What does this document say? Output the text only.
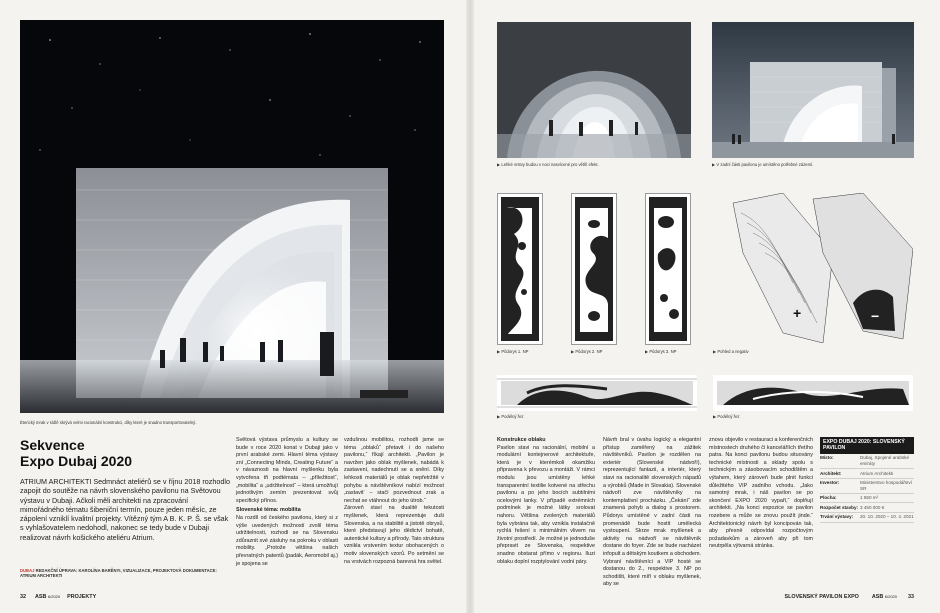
Éterický mrak v sídlě skrývá velmi racionální konstrukci, díky které je snadno transportovatelný.
Sekvence
Expo Dubaj 2020
ATRIUM ARCHITEKTI Sedmnáct ateliérů se v říjnu 2018 rozhodlo zapojit do soutěže na návrh slovenského pavilonu na Světovou výstavu v Dubaji. Ačkoli měli architekti na zpracování mimořádného tématu šibeniční termín, pouze jeden měsíc, ze zápolení vzniklí kvalitní projekty. Vítězný tým A B. K. P. Š. se však s vyhlašovatelem nedohodl, nakonec se tedy bude v Dubaji realizovat návrh košického ateliéru Atrium.
DUBAJ REDAKČNÍ ÚPRAVA: KAROLÍNA BARĚNYI, VIZUALIZACE, PROJEKTOVÁ DOKUMENTACE: ATRIUM ARCHITEKTI
Světová výstava průmyslu a kultury se bude v roce 2020 konat v Dubaji jako v první arabské zemi. Hlavní téma výstavy zní „Connecting Minds, Creating Future“ a v návaznosti na hlavní myšlenku byla vytvořena tři podtémata – „příležitost“, „mobilita“ a „udržitelnost“ – která umožňují jednotlivým zemím prezentovat svůj specifický přínos.
Slovenské téma: mobilita
Na rozdíl od českého pavilonu, který si z výše uvedených možností zvolil téma udržitelnosti, rozhodl se na Slovensku zdůraznit své zásluhy na pokroku v oblasti mobility. „Protože většina našich převratných patentů (padák, Aeromobil aj.) je spojena se
vzdušnou mobilitou, rozhodli jsme se téma „oblaků“ přetavit i do našeho pavilonu,“ říkají architekti. „Pavilon je navržen jako oblak myšlenek, nabádá k zastavení, nadechnutí se a snění. Díky lehkosti materiálů je oblak nepřetržitě v pohybu a návštěvníkovi nabízí možnost ‚zastavit‘ – stačí pozvednout zrak a nechat se vtáhnout do jeho útrob.“
Zároveň staví na dualitě tekutosti myšlenek, která reprezentuje duši Slovenska, a na stabilitě a jistotě obrysů, které představují jeho dědictví bohatě, autentické kultury a přírody. Tato struktura vznikla vrstvením textur obohacených o motiv slovenských vzorů. Po setmění se na vrstvách rozpozná barevná hra světel.
32 ASB 6/2020 PROJEKTY
▶ Lehké vrstvy budou v noci nasvícené pro větší efekt.	▶ V zadní části pavilonu je umístěno potřebné zázemí.
+	−
▶ Půdorys 1. NP	▶ Půdorys 2. NP	▶ Půdorys 3. NP	▶ Pohled a negativ
▶ Podélný řez	▶ Podélný řez
Konstrukce oblaku
Pavilon stavi na racionální, mobilní a modulární kontejnerové architektuře, která je v kterémkoli okamžiku připravena k převozu a montáži. V rámci modulu jsou umístěny lehké transparentní textilie kotvené na střechu pavilonu a po jeho bocích subtilními ocelovými lanky. V případě extrémních podmínek je možné látky srolovat nahoru. Většina zvolených materiálů byla vybrána tak, aby vznikla instalačně rychlá řešení s minimálním vlivem na životní prostředí. Je možné je jednoduše přepravit ze Slovenska, respektive snadno obstarat přímo v regionu. Iluzi oblaku doplní rozptylování vodní páry.
Návrh bral v úvahu logický a elegantní přístup zaměřený na zážitek návštěvníků. Pavilon je rozdělen na exteriér (Slovenské nádvoří), reprezentující fantazii, a interiér, který stavi na racionalitě slovenských nápadů a výrobků (Made in Slovakia). Slovenské nádvoří zve návštěvníky na kontemplativní procházku. „Čekání“ zde znamená pohyb a dialog s prostorem. Půdorys umístěné v zadní části na promenádě bude hostit umělecká vystoupení. Skrze mrak myšlenek a aktivity na nádvoří se návštěvník dostane do foyer. Zde se bude nacházet infopult a dětským koutkem a obchodem. Vybraní návštěvníci a VIP hosté se dostanou do 2., respektive 3. NP po schodišti, které míří v oblaku myšlenek, aby se
znovu objevilo v restauraci a konferenčních místnostech druhého či kanceláříích třetího patra. Na konci pavilonu budou situovány technické místnosti a sklady spolu s technickým a zásobovacím schodištěm a výtahem, který zároveň bude plnit funkci důležitého VIP zadního vchodu. „Jako samotný mrak, i náš pavilon se po skončení EXPO 2020 vypaří,“ doplňují architekti. „Na konci expozice se pavilon rozebere a může se znovu použít jinde.“ Architektonický návrh byl koncipován tak, aby přesně odpovídal rozpočtovým požadavkům a zároveň aby při tom neutrpěla výtvarná stránka.
EXPO DUBAJ 2020: SLOVENSKÝ PAVILON
Místo:	Dubaj, Spojené arabské emiráty
Architekt:	Atrium Architekti
Investor:	Ministerstvo hospodářství SR
Plocha:	1 550 m²
Rozpočet stavby:	3 450 000 €
Trvání výstavy:	20. 10. 2020 – 10. 4. 2021
SLOVENSKÝ PAVILON EXPO ASB 6/2020 33
